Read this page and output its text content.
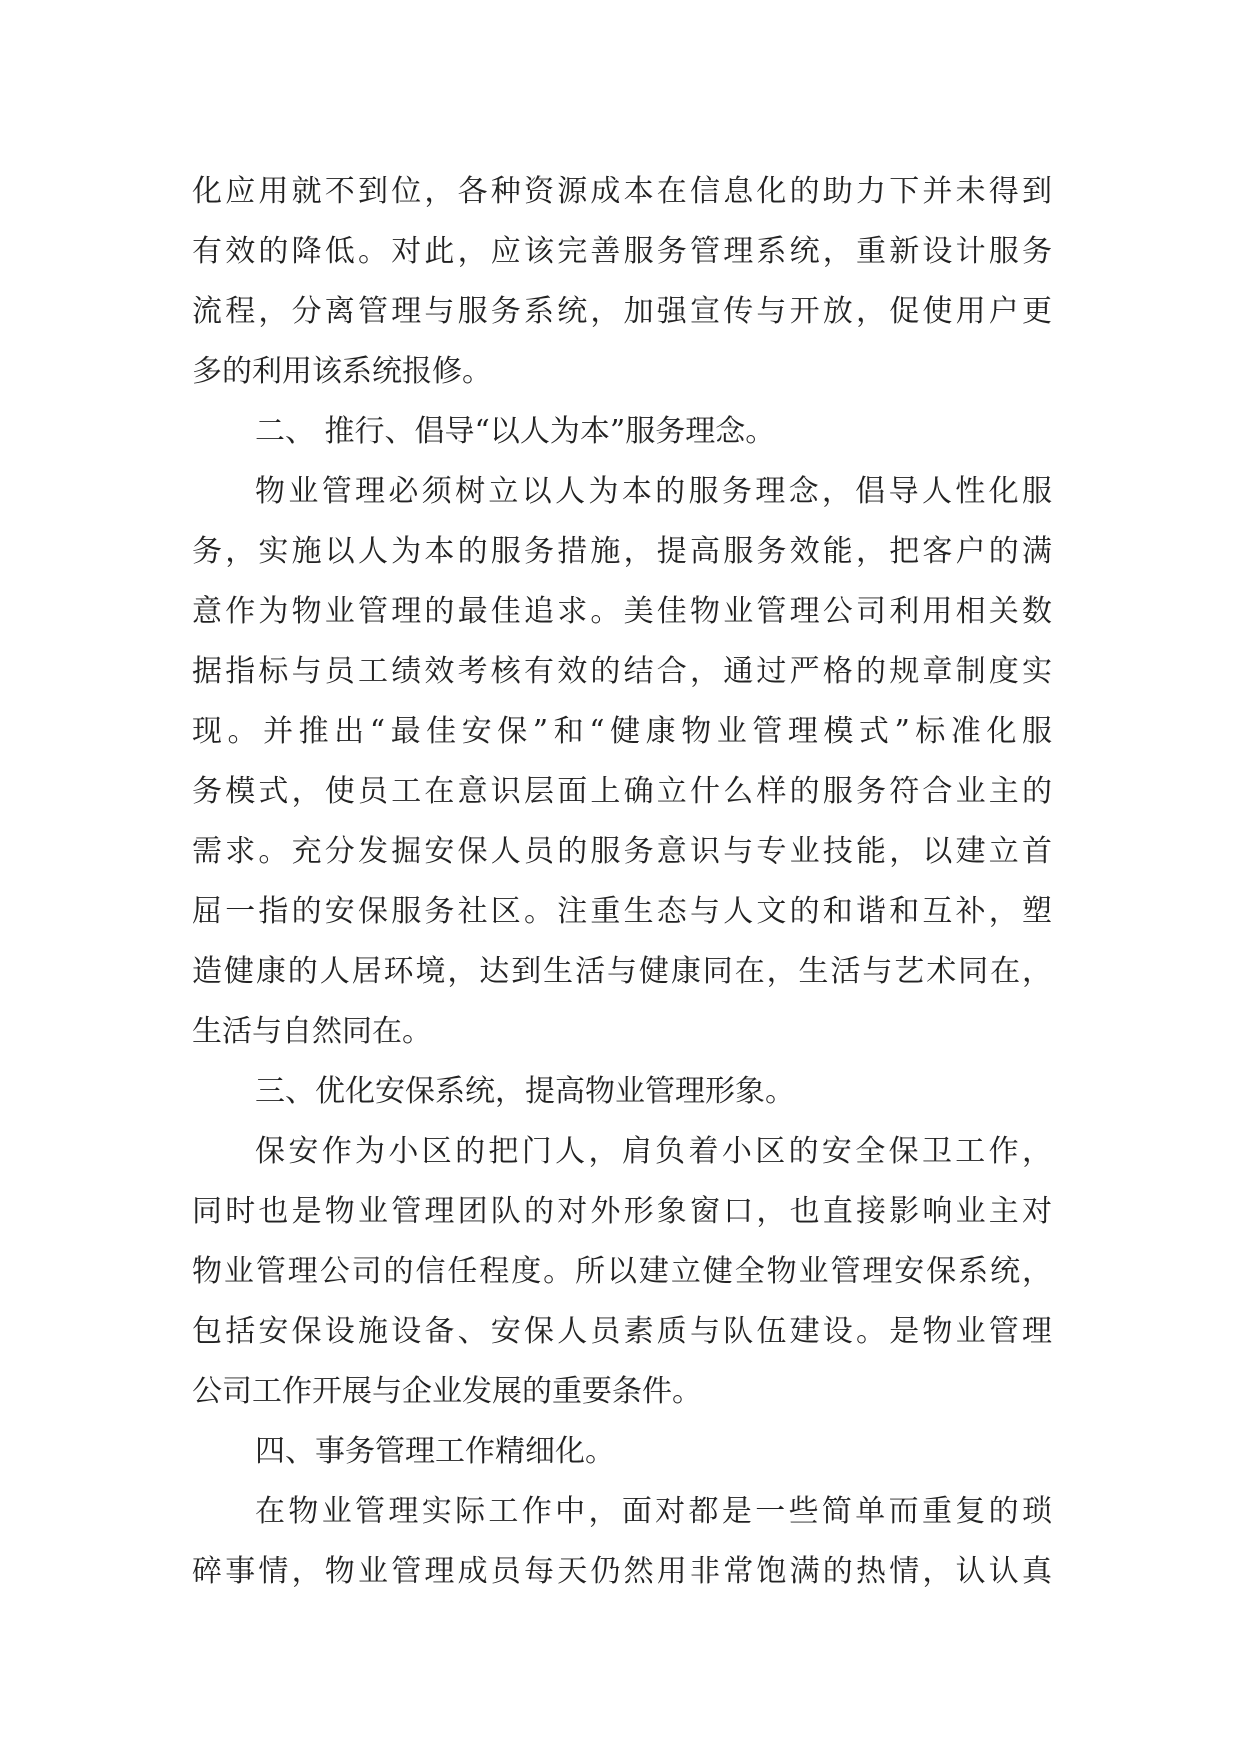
化应用就不到位，各种资源成本在信息化的助力下并未得到
有效的降低。对此，应该完善服务管理系统，重新设计服务
流程，分离管理与服务系统，加强宣传与开放，促使用户更
多的利用该系统报修。
二、 推行、倡导“以人为本”服务理念。
物业管理必须树立以人为本的服务理念，倡导人性化服
务，实施以人为本的服务措施，提高服务效能，把客户的满
意作为物业管理的最佳追求。美佳物业管理公司利用相关数
据指标与员工绩效考核有效的结合，通过严格的规章制度实
现。并推出“最佳安保”和“健康物业管理模式”标准化服
务模式，使员工在意识层面上确立什么样的服务符合业主的
需求。充分发掘安保人员的服务意识与专业技能，以建立首
屈一指的安保服务社区。注重生态与人文的和谐和互补，塑
造健康的人居环境，达到生活与健康同在，生活与艺术同在，
生活与自然同在。
三、优化安保系统，提高物业管理形象。
保安作为小区的把门人，肩负着小区的安全保卫工作，
同时也是物业管理团队的对外形象窗口，也直接影响业主对
物业管理公司的信任程度。所以建立健全物业管理安保系统，
包括安保设施设备、安保人员素质与队伍建设。是物业管理
公司工作开展与企业发展的重要条件。
四、事务管理工作精细化。
在物业管理实际工作中，面对都是一些简单而重复的琐
碎事情，物业管理成员每天仍然用非常饱满的热情，认认真
